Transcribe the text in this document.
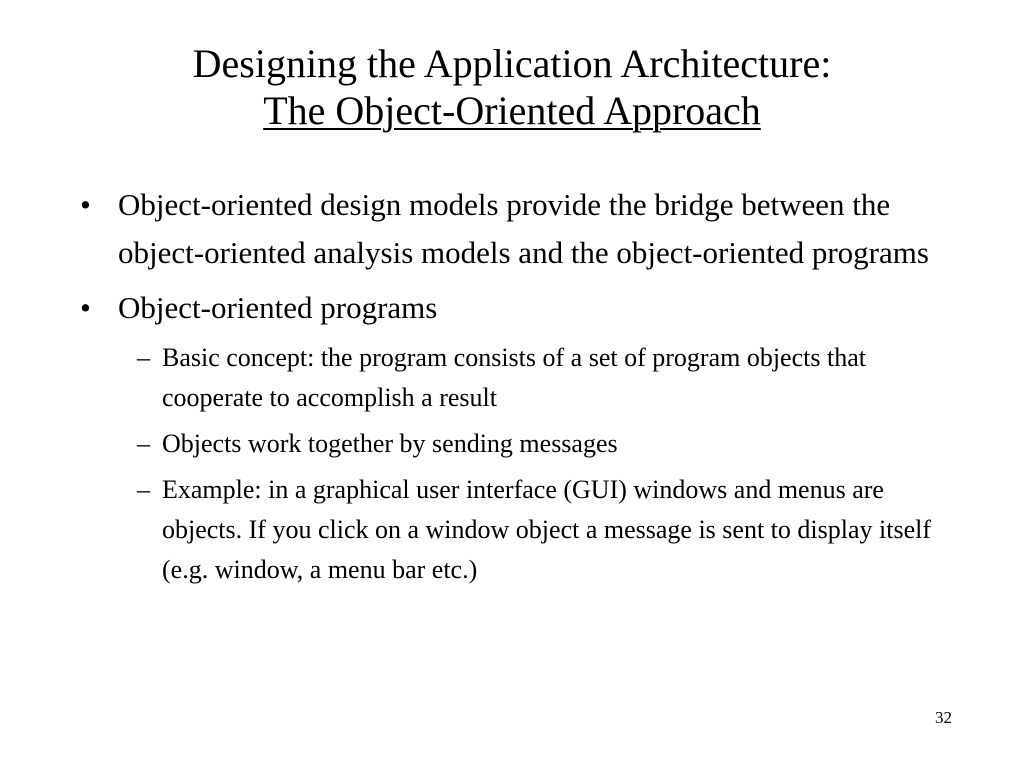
Designing the Application Architecture:
The Object-Oriented Approach
• Object-oriented design models provide the bridge between the object-oriented analysis models and the object-oriented programs
• Object-oriented programs
– Basic concept: the program consists of a set of program objects that cooperate to accomplish a result
– Objects work together by sending messages
– Example: in a graphical user interface (GUI) windows and menus are objects. If you click on a window object a message is sent to display itself (e.g. window, a menu bar etc.)
32
